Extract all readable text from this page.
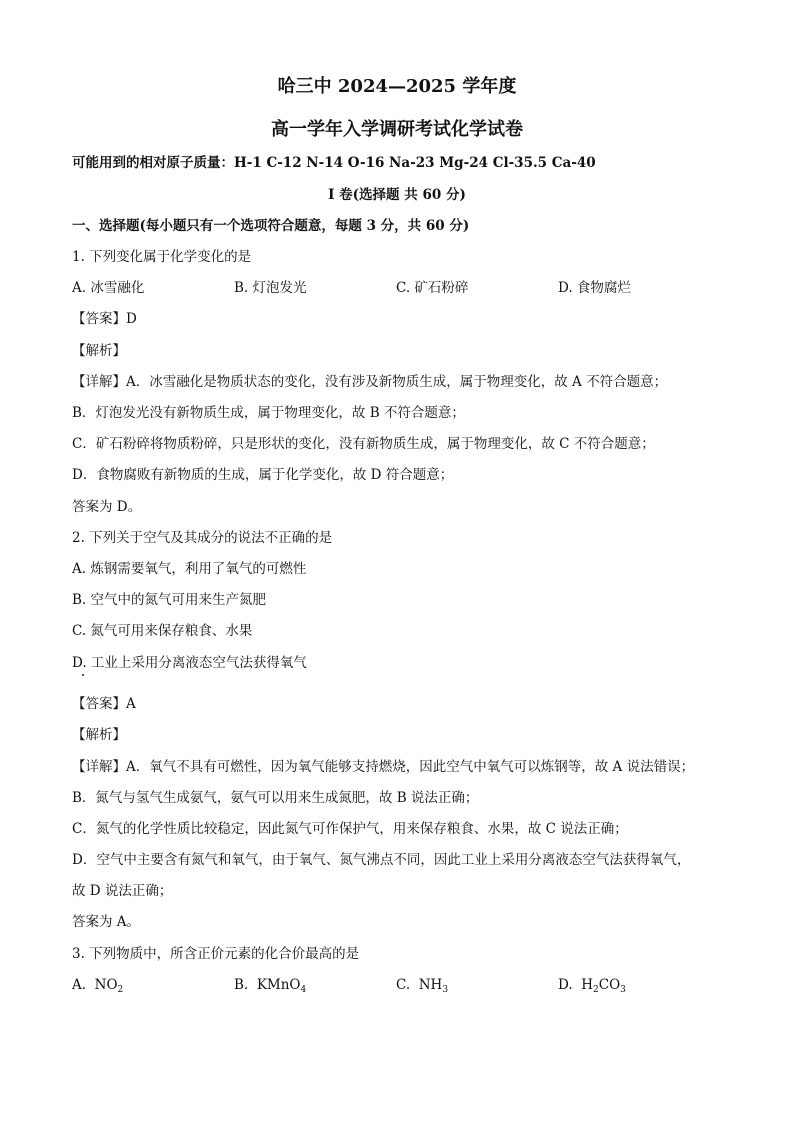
哈三中 2024—2025 学年度
高一学年入学调研考试化学试卷
可能用到的相对原子质量：H-1 C-12 N-14 O-16 Na-23 Mg-24 Cl-35.5 Ca-40
I 卷(选择题 共 60 分)
一、选择题(每小题只有一个选项符合题意，每题 3 分，共 60 分)
1. 下列变化属于化学变化的是
A. 冰雪融化	B. 灯泡发光	C. 矿石粉碎	D. 食物腐烂
【答案】D
【解析】
【详解】A．冰雪融化是物质状态的变化，没有涉及新物质生成，属于物理变化，故 A 不符合题意；
B．灯泡发光没有新物质生成，属于物理变化，故 B 不符合题意；
C．矿石粉碎将物质粉碎，只是形状的变化，没有新物质生成，属于物理变化，故 C 不符合题意；
D．食物腐败有新物质的生成，属于化学变化，故 D 符合题意；
答案为 D。
2. 下列关于空气及其成分的说法不正确的是
A. 炼钢需要氧气，利用了氧气的可燃性
B. 空气中的氮气可用来生产氮肥
C. 氮气可用来保存粮食、水果
D. 工业上采用分离液态空气法获得氧气
【答案】A
【解析】
【详解】A．氧气不具有可燃性，因为氧气能够支持燃烧，因此空气中氧气可以炼钢等，故 A 说法错误；
B．氮气与氢气生成氨气，氨气可以用来生成氮肥，故 B 说法正确；
C．氮气的化学性质比较稳定，因此氮气可作保护气，用来保存粮食、水果，故 C 说法正确；
D．空气中主要含有氮气和氧气，由于氧气、氮气沸点不同，因此工业上采用分离液态空气法获得氧气，
故 D 说法正确；
答案为 A。
3. 下列物质中，所含正价元素的化合价最高的是
A. $NO_2$	B. KMnO$_4$	C. $NH_3$	D. $H_2CO_3$
